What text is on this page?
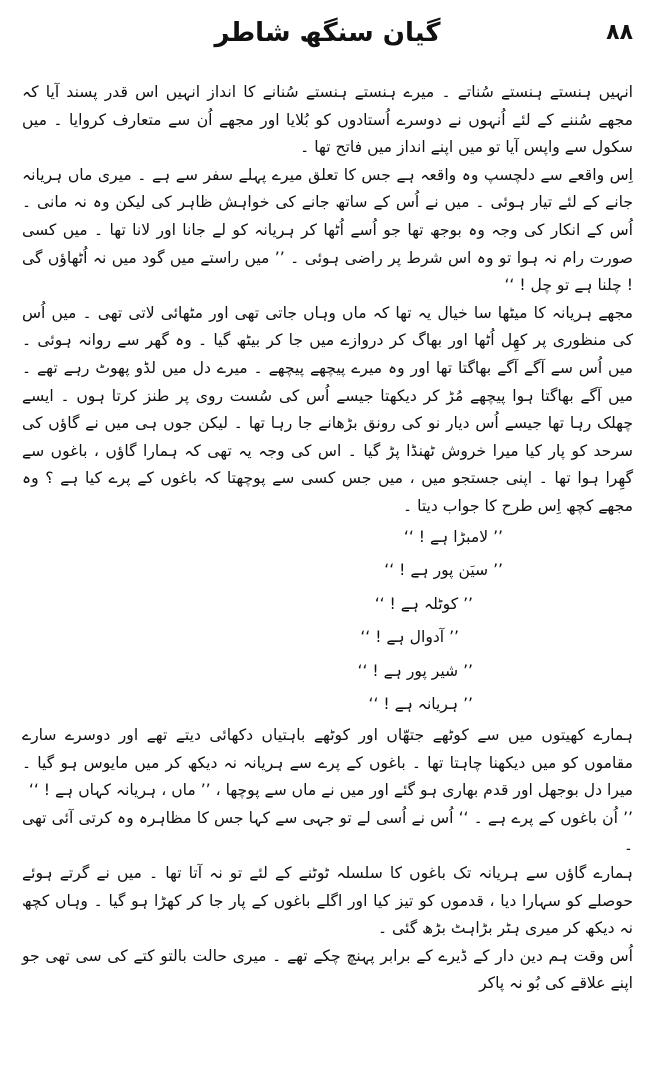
۸۸
گیان سنگھ شاطر

انہیں ہنستے ہنستے سُناتے ۔ میرے ہنستے ہنستے سُنانے کا انداز انہیں اس قدر پسند آیا کہ مجھے سُننے کے لئے اُنہوں نے دوسرے اُستادوں کو بُلایا اور مجھے اُن سے متعارف کروایا ۔ میں سکول سے واپس آیا تو میں اپنے انداز میں فاتح تھا ۔

اِس واقعے سے دلچسپ وہ واقعہ ہے جس کا تعلق میرے پہلے سفر سے ہے ۔ میری ماں ہریانہ جانے کے لئے تیار ہوئی ۔ میں نے اُس کے ساتھ جانے کی خواہش ظاہر کی لیکن وہ نہ مانی ۔ اُس کے انکار کی وجہ وہ بوجھ تھا جو اُسے اُٹھا کر ہریانہ کو لے جانا اور لانا تھا ۔ میں کسی صورت رام نہ ہوا تو وہ اس شرط پر راضی ہوئی ۔ ’’ میں راستے میں گود میں نہ اُٹھاؤں گی ! چلنا ہے تو چل ! ‘‘

مجھے ہریانہ کا میٹھا سا خیال یہ تھا کہ ماں وہاں جاتی تھی اور مٹھائی لاتی تھی ۔ میں اُس کی منظوری پر کھِل اُٹھا اور بھاگ کر دروازے میں جا کر بیٹھ گیا ۔ وہ گھر سے روانہ ہوئی ۔ میں اُس سے آگے آگے بھاگتا تھا اور وہ میرے پیچھے پیچھے ۔ میرے دل میں لڈو پھوٹ رہے تھے ۔ میں آگے بھاگتا ہوا پیچھے مُڑ کر دیکھتا جیسے اُس کی سُست روی پر طنز کرتا ہوں ۔ ایسے چھلک رہا تھا جیسے اُس دیار نو کی رونق بڑھانے جا رہا تھا ۔ لیکن جوں ہی میں نے گاؤں کی سرحد کو پار کیا میرا خروش ٹھنڈا پڑ گیا ۔ اس کی وجہ یہ تھی کہ ہمارا گاؤں ، باغوں سے گھِرا ہوا تھا ۔ اپنی جستجو میں ، میں جس کسی سے پوچھتا کہ باغوں کے پرے کیا ہے ؟ وہ مجھے کچھ اِس طرح کا جواب دیتا ۔

’’ لامبڑا ہے ! ‘‘
’’ سیَن پور ہے ! ‘‘
’’ کوٹلہ ہے ! ‘‘
’’ آدوال ہے ! ‘‘
’’ شیر پور ہے ! ‘‘
’’ ہریانہ ہے ! ‘‘

ہمارے کھیتوں میں سے کوٹھے جتھّاں اور کوٹھے باہتیاں دکھائی دیتے تھے اور دوسرے سارے مقاموں کو میں دیکھنا چاہتا تھا ۔ باغوں کے پرے سے ہریانہ نہ دیکھ کر میں مایوس ہو گیا ۔ میرا دل بوجھل اور قدم بھاری ہو گئے اور میں نے ماں سے پوچھا ، ’’ ماں ، ہریانہ کہاں ہے ! ‘‘

’’ اُن باغوں کے پرے ہے ۔ ‘‘ اُس نے اُسی لے تو جہی سے کہا جس کا مظاہرہ وہ کرتی آئی تھی ۔

ہمارے گاؤں سے ہریانہ تک باغوں کا سلسلہ ٹوٹنے کے لئے تو نہ آتا تھا ۔ میں نے گرتے ہوئے حوصلے کو سہارا دیا ، قدموں کو تیز کیا اور اگلے باغوں کے پار جا کر کھڑا ہو گیا ۔ وہاں کچھ نہ دیکھ کر میری ہٹر بڑاہٹ بڑھ گئی ۔

اُس وقت ہم دین دار کے ڈیرے کے برابر پہنچ چکے تھے ۔ میری حالت بالتو کتے کی سی تھی جو اپنے علاقے کی بُو نہ پاکر
